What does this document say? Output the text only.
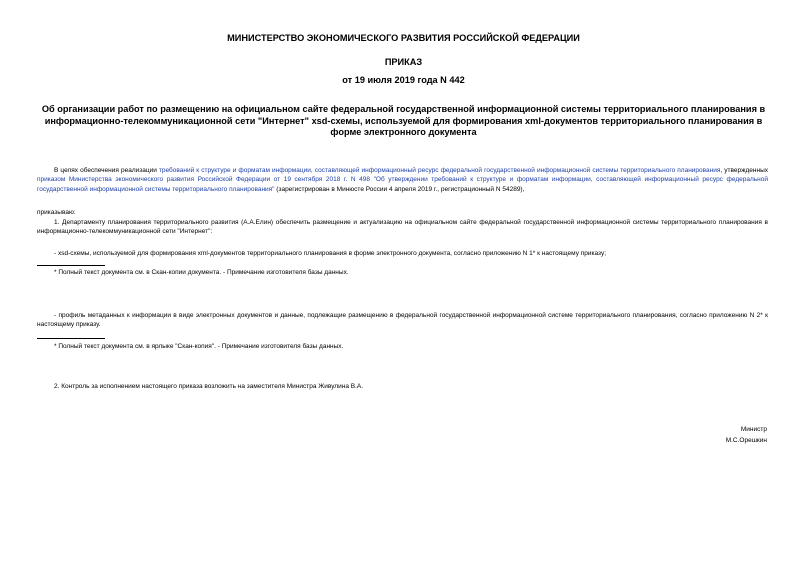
МИНИСТЕРСТВО ЭКОНОМИЧЕСКОГО РАЗВИТИЯ РОССИЙСКОЙ ФЕДЕРАЦИИ
ПРИКАЗ
от 19 июля 2019 года N 442
Об организации работ по размещению на официальном сайте федеральной государственной информационной системы территориального планирования в информационно-телекоммуникационной сети "Интернет" xsd-схемы, используемой для формирования xml-документов территориального планирования в форме электронного документа
В целях обеспечения реализации требований к структуре и форматам информации, составляющей информационный ресурс федеральной государственной информационной системы территориального планирования, утвержденных приказом Министерства экономического развития Российской Федерации от 19 сентября 2018 г. N 498 "Об утверждении требований к структуре и форматам информации, составляющей информационный ресурс федеральной государственной информационной системы территориального планирования" (зарегистрирован в Минюсте России 4 апреля 2019 г., регистрационный N 54289),
приказываю:
1. Департаменту планирования территориального развития (А.А.Елин) обеспечить размещение и актуализацию на официальном сайте федеральной государственной информационной системы территориального планирования в информационно-телекоммуникационной сети "Интернет":
- xsd-схемы, используемой для формирования xml-документов территориального планирования в форме электронного документа, согласно приложению N 1* к настоящему приказу;
* Полный текст документа см. в Скан-копии документа. - Примечание изготовителя базы данных.
- профиль метаданных к информации в виде электронных документов и данные, подлежащие размещению в федеральной государственной информационной системе территориального планирования, согласно приложению N 2* к настоящему приказу.
* Полный текст документа см. в ярлыке "Скан-копия". - Примечание изготовителя базы данных.
2. Контроль за исполнением настоящего приказа возложить на заместителя Министра Живулина В.А.
Министр
М.С.Орешкин
